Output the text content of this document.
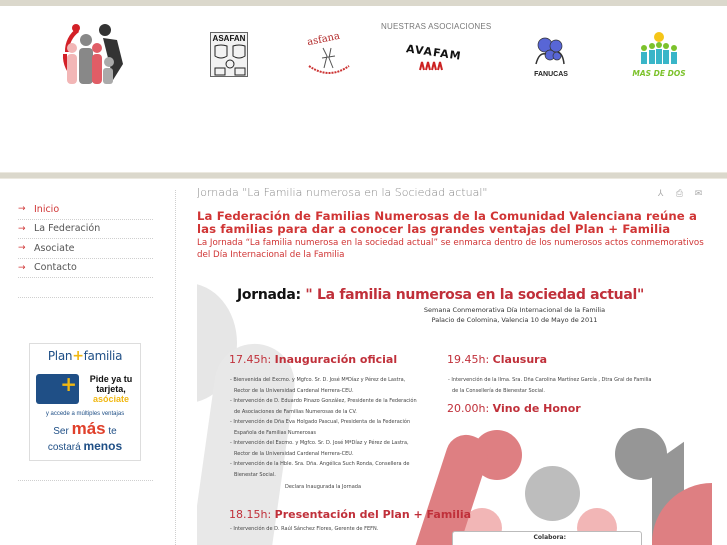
NUESTRAS ASOCIACIONES
ASAFAN	asfana
AVAFAM
FANUCAS	MAS DE DOS
→ Inicio
→ La Federación
→ Asociate
→ Contacto
Plan+familia
+	Pide ya tu
tarjeta,
asóciate
y accede a múltiples ventajas
Ser más te
costará menos
Jornada "La Familia numerosa en la Sociedad actual"	⅄	⎙ ✉
La Federación de Familias Numerosas de la Comunidad Valenciana reúne a las familias para dar a conocer las grandes ventajas del Plan + Familia
La Jornada “La familia numerosa en la sociedad actual” se enmarca dentro de los numerosos actos conmemorativos del Día Internacional de la Familia
Jornada: " La familia numerosa en la sociedad actual"
Semana Conmemorativa Día Internacional de la Familia
Palacio de Colomina, Valencia 10 de Mayo de 2011
17.45h: Inauguración oficial
- Bienvenida del Excmo. y Mgfco. Sr. D. José MªDíaz y Pérez de Lastra,
Rector de la Universidad Cardenal Herrera-CEU.
- Intervención de D. Eduardo Pinazo González, Presidente de la Federación
de Asociaciones de Familias Numerosas de la CV.
- Intervención de Dña Eva Holgado Pascual, Presidenta de la Federación
Española de Familias Numerosas
- Intervención del Excmo. y Mgfco. Sr. D. José MªDíaz y Pérez de Lastra,
Rector de la Universidad Cardenal Herrera-CEU.
- Intervención de la Hble. Sra. Dña. Angélica Such Ronda, Consellera de
Bienestar Social.
Declara Inaugurada la Jornada
18.15h: Presentación del Plan + Familia
- Intervención de D. Raúl Sánchez Flores, Gerente de FEFN.
19.45h: Clausura
- Intervención de la Ilma. Sra. Dña Carolina Martínez García , Dtra Gral de Familia
de la Consellería de Bienestar Social.
20.00h: Vino de Honor
Colabora:
